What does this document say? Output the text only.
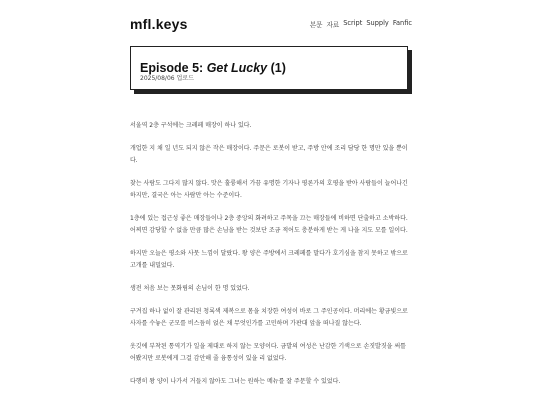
mfl.keys	본문 자료 Script Supply Fanfic
Episode 5: Get Lucky (1)
2025/08/06 업로드

서울역 2층 구석에는 크레페 매장이 하나 있다.

개업한 지 채 일 년도 되지 않은 작은 매장이다. 주문은 로봇이 받고, 주방 안에 조리 담당 한 명만 있을 뿐이다.

찾는 사람도 그다지 많지 않다. 맛은 훌륭해서 가끔 유명한 기자나 평론가의 호평을 받아 사람들이 늘어나긴 하지만, 결국은 아는 사람만 아는 수준이다.

1층에 있는 접근성 좋은 매장들이나 2층 중앙의 화려하고 주목을 끄는 매장들에 비하면 단출하고 소박하다. 어찌면 감당할 수 없을 만큼 많은 손님을 받는 것보단 조금 적어도 충분하게 받는 게 나을 지도 모를 일이다.

하지만 오늘은 평소와 사뭇 느낌이 달랐다. 왕 양은 주방에서 크레페를 말다가 호기심을 참지 못하고 밖으로 고개를 내밀었다.

생전 처음 보는 못화림의 손님이 한 명 있었다.

구겨집 하나 없이 잘 관리된 청록색 제복으로 몸을 치장한 여성이 바로 그 주인공이다. 머리에는 황금빛으로 사자를 수놓은 군모를 비스듬히 얹은 채 무엇인가를 고민하며 가판대 앞을 떠나질 않는다.

옷깃에 부착된 통역기가 일을 제대로 하지 않는 모양이다. 금발의 여성은 난감한 기색으로 손짓발짓을 써틀어봤지만 로봇에게 그걸 감안해 줄 융통성이 있을 리 없었다.

다행히 왕 양이 나가서 거들지 않아도 그녀는 원하는 메뉴를 잘 주문할 수 있었다.
